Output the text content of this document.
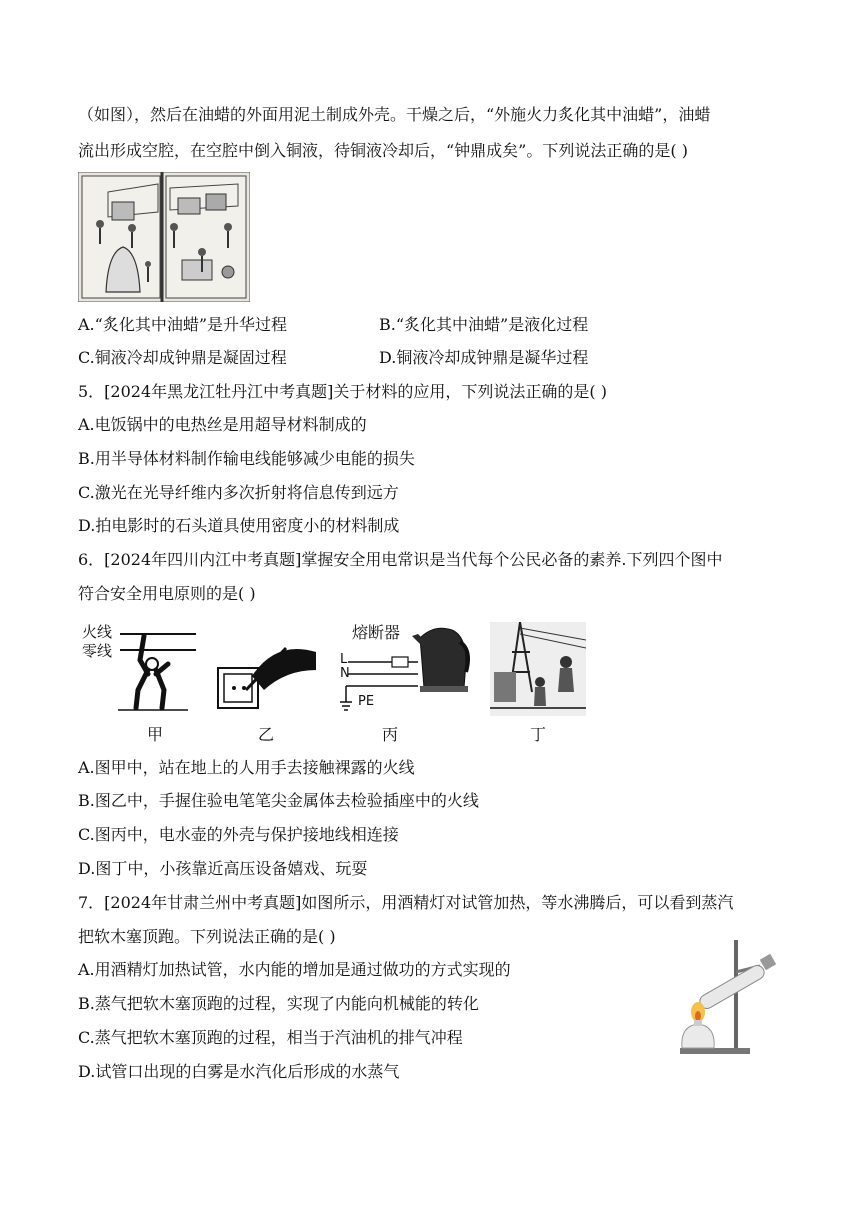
（如图），然后在油蜡的外面用泥土制成外壳。干燥之后，“外施火力炙化其中油蜡”，油蜡
流出形成空腔，在空腔中倒入铜液，待铜液冷却后，“钟鼎成矣”。下列说法正确的是( )
A.“炙化其中油蜡”是升华过程	B.“炙化其中油蜡”是液化过程
C.铜液冷却成钟鼎是凝固过程	D.铜液冷却成钟鼎是凝华过程
5．[2024年黑龙江牡丹江中考真题]关于材料的应用，下列说法正确的是( )
A.电饭锅中的电热丝是用超导材料制成的
B.用半导体材料制作输电线能够减少电能的损失
C.激光在光导纤维内多次折射将信息传到远方
D.拍电影时的石头道具使用密度小的材料制成
6．[2024年四川内江中考真题]掌握安全用电常识是当代每个公民必备的素养.下列四个图中
符合安全用电原则的是( )
火线
零线
熔断器
L
N
PE
甲	乙	丙	丁
A.图甲中，站在地上的人用手去接触裸露的火线
B.图乙中，手握住验电笔笔尖金属体去检验插座中的火线
C.图丙中，电水壶的外壳与保护接地线相连接
D.图丁中，小孩靠近高压设备嬉戏、玩耍
7．[2024年甘肃兰州中考真题]如图所示，用酒精灯对试管加热，等水沸腾后，可以看到蒸汽
把软木塞顶跑。下列说法正确的是( )
A.用酒精灯加热试管，水内能的增加是通过做功的方式实现的
B.蒸气把软木塞顶跑的过程，实现了内能向机械能的转化
C.蒸气把软木塞顶跑的过程，相当于汽油机的排气冲程
D.试管口出现的白雾是水汽化后形成的水蒸气
